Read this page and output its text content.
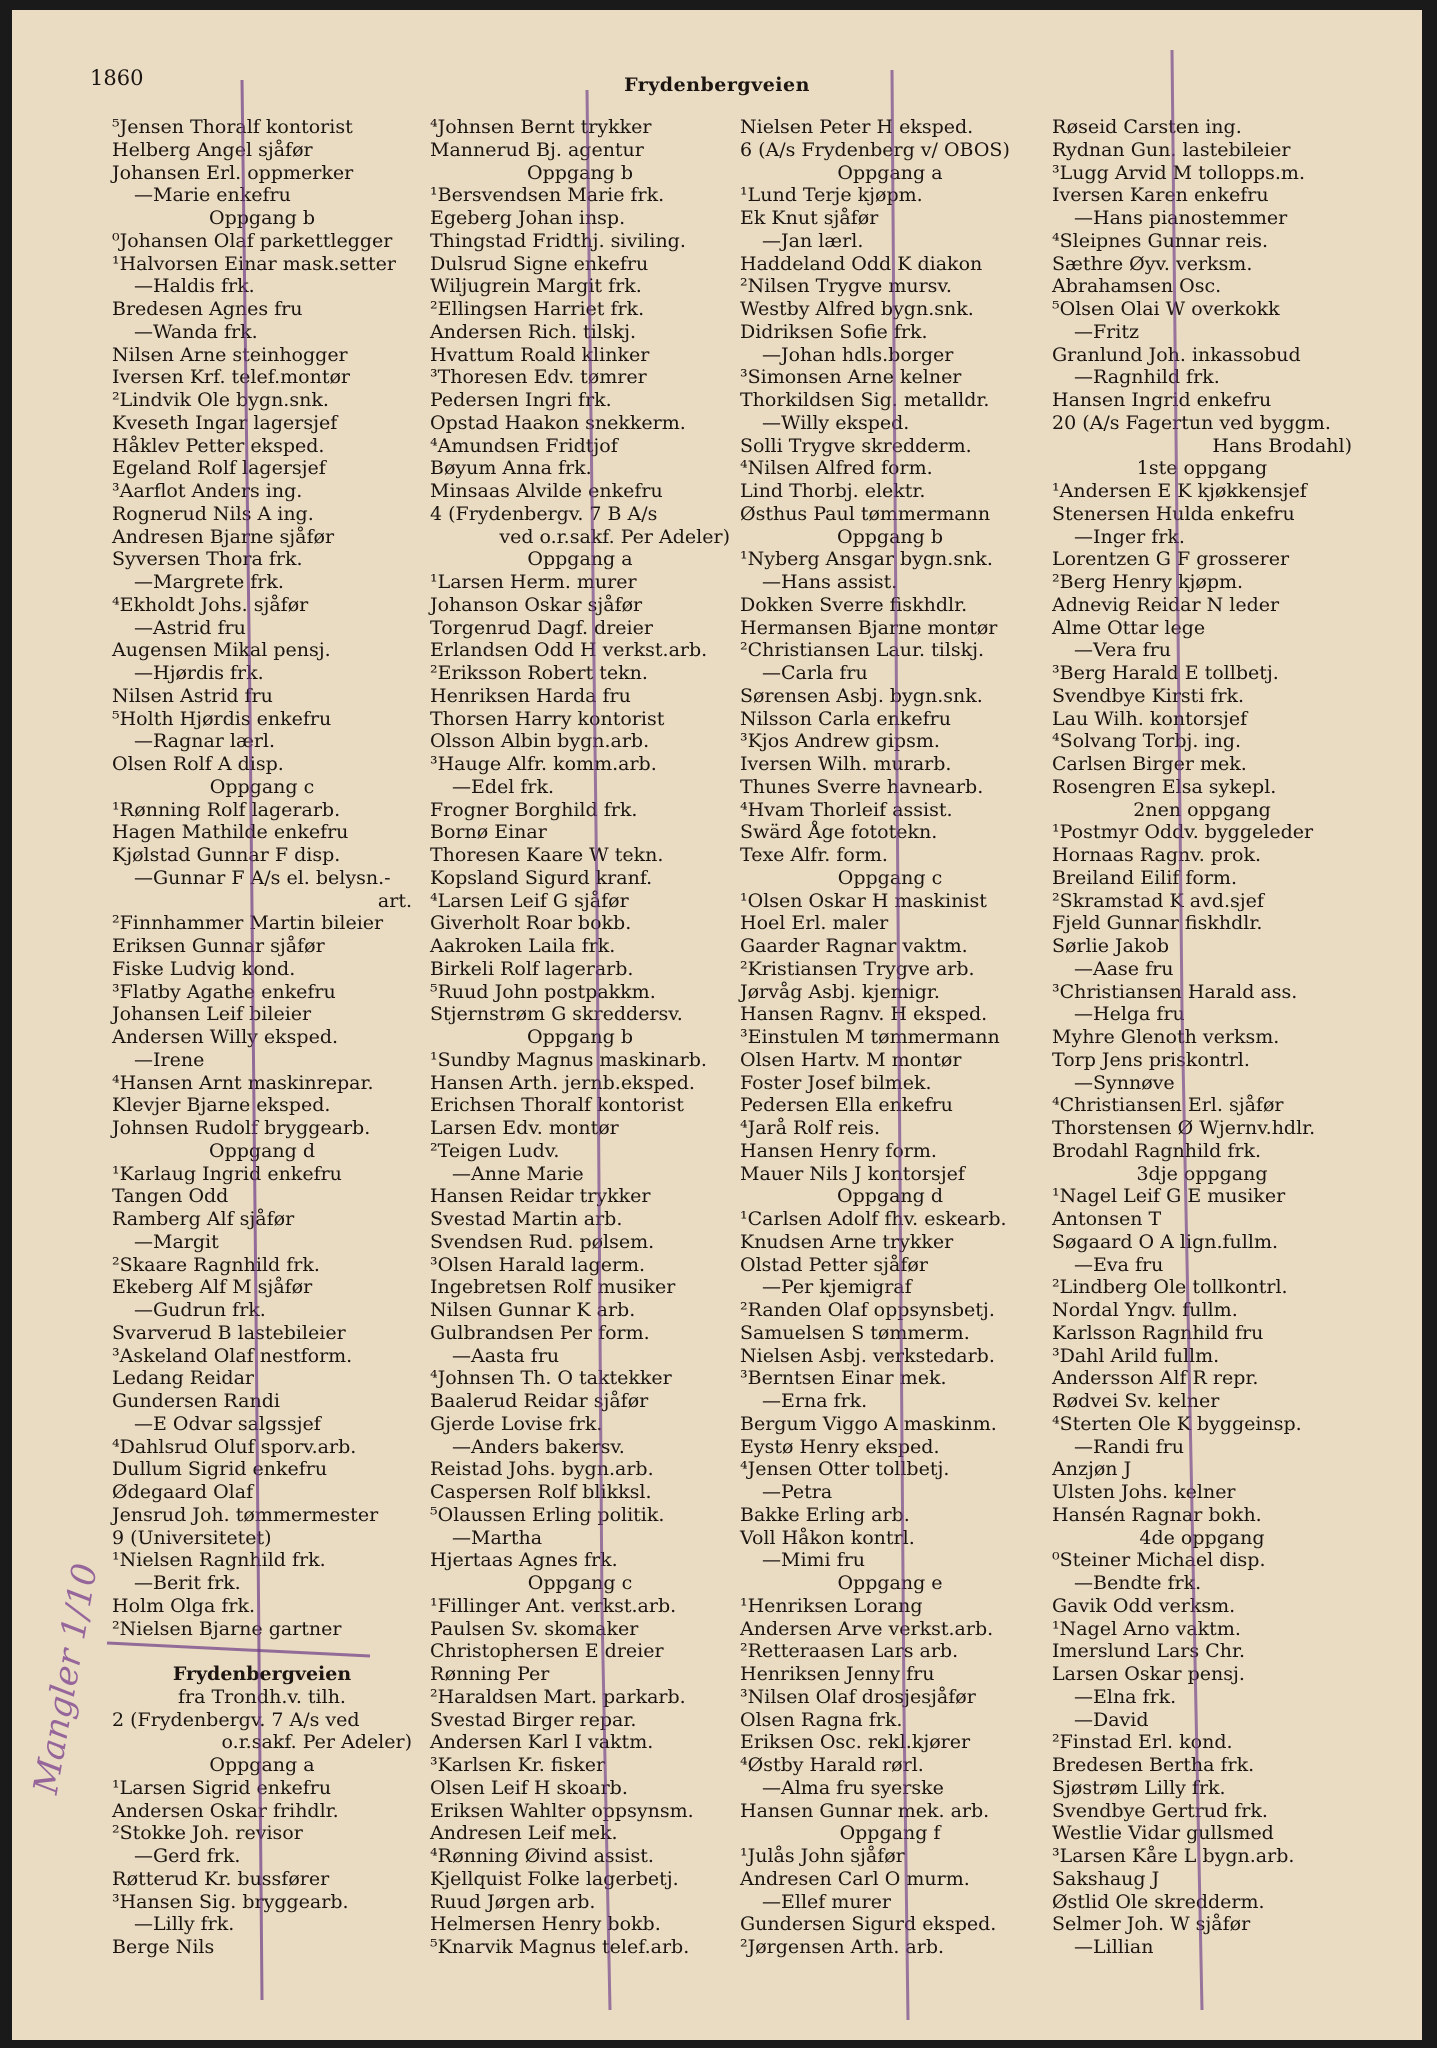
1860	Frydenbergveien
⁵Jensen Thoralf kontorist
Helberg Angel sjåfør
Johansen Erl. oppmerker
—Marie enkefru
Oppgang b
⁰Johansen Olaf parkettlegger
¹Halvorsen Einar mask.setter
—Haldis frk.
Bredesen Agnes fru
—Wanda frk.
Nilsen Arne steinhogger
Iversen Krf. telef.montør
²Lindvik Ole bygn.snk.
Kveseth Ingar lagersjef
Håklev Petter eksped.
Egeland Rolf lagersjef
³Aarflot Anders ing.
Rognerud Nils A ing.
Andresen Bjarne sjåfør
Syversen Thora frk.
—Margrete frk.
⁴Ekholdt Johs. sjåfør
—Astrid fru
Augensen Mikal pensj.
—Hjørdis frk.
Nilsen Astrid fru
⁵Holth Hjørdis enkefru
—Ragnar lærl.
Olsen Rolf A disp.
Oppgang c
¹Rønning Rolf lagerarb.
Hagen Mathilde enkefru
Kjølstad Gunnar F disp.
—Gunnar F A/s el. belysn.-
art.
²Finnhammer Martin bileier
Eriksen Gunnar sjåfør
Fiske Ludvig kond.
³Flatby Agathe enkefru
Johansen Leif bileier
Andersen Willy eksped.
—Irene
⁴Hansen Arnt maskinrepar.
Klevjer Bjarne eksped.
Johnsen Rudolf bryggearb.
Oppgang d
¹Karlaug Ingrid enkefru
Tangen Odd
Ramberg Alf sjåfør
—Margit
²Skaare Ragnhild frk.
Ekeberg Alf M sjåfør
—Gudrun frk.
Svarverud B lastebileier
³Askeland Olaf nestform.
Ledang Reidar
Gundersen Randi
—E Odvar salgssjef
⁴Dahlsrud Oluf sporv.arb.
Dullum Sigrid enkefru
Ødegaard Olaf
Jensrud Joh. tømmermester
9 (Universitetet)
¹Nielsen Ragnhild frk.
—Berit frk.
Holm Olga frk.
²Nielsen Bjarne gartner
Frydenbergveien
fra Trondh.v. tilh.
2 (Frydenbergv. 7 A/s ved
o.r.sakf. Per Adeler)
Oppgang a
¹Larsen Sigrid enkefru
Andersen Oskar frihdlr.
²Stokke Joh. revisor
—Gerd frk.
Røtterud Kr. bussfører
³Hansen Sig. bryggearb.
—Lilly frk.
Berge Nils
⁴Johnsen Bernt trykker
Mannerud Bj. agentur
Oppgang b
¹Bersvendsen Marie frk.
Egeberg Johan insp.
Thingstad Fridthj. siviling.
Dulsrud Signe enkefru
Wiljugrein Margit frk.
²Ellingsen Harriet frk.
Andersen Rich. tilskj.
Hvattum Roald klinker
³Thoresen Edv. tømrer
Pedersen Ingri frk.
Opstad Haakon snekkerm.
⁴Amundsen Fridtjof
Bøyum Anna frk.
Minsaas Alvilde enkefru
4 (Frydenbergv. 7 B A/s
ved o.r.sakf. Per Adeler)
Oppgang a
¹Larsen Herm. murer
Johanson Oskar sjåfør
Torgenrud Dagf. dreier
Erlandsen Odd H verkst.arb.
²Eriksson Robert tekn.
Henriksen Harda fru
Thorsen Harry kontorist
Olsson Albin bygn.arb.
³Hauge Alfr. komm.arb.
—Edel frk.
Frogner Borghild frk.
Bornø Einar
Thoresen Kaare W tekn.
Kopsland Sigurd kranf.
⁴Larsen Leif G sjåfør
Giverholt Roar bokb.
Aakroken Laila frk.
Birkeli Rolf lagerarb.
⁵Ruud John postpakkm.
Stjernstrøm G skreddersv.
Oppgang b
¹Sundby Magnus maskinarb.
Hansen Arth. jernb.eksped.
Erichsen Thoralf kontorist
Larsen Edv. montør
²Teigen Ludv.
—Anne Marie
Hansen Reidar trykker
Svestad Martin arb.
Svendsen Rud. pølsem.
³Olsen Harald lagerm.
Ingebretsen Rolf musiker
Nilsen Gunnar K arb.
Gulbrandsen Per form.
—Aasta fru
⁴Johnsen Th. O taktekker
Baalerud Reidar sjåfør
Gjerde Lovise frk.
—Anders bakersv.
Reistad Johs. bygn.arb.
Caspersen Rolf blikksl.
⁵Olaussen Erling politik.
—Martha
Hjertaas Agnes frk.
Oppgang c
¹Fillinger Ant. verkst.arb.
Paulsen Sv. skomaker
Christophersen E dreier
Rønning Per
²Haraldsen Mart. parkarb.
Svestad Birger repar.
Andersen Karl I vaktm.
³Karlsen Kr. fisker
Olsen Leif H skoarb.
Eriksen Wahlter oppsynsm.
Andresen Leif mek.
⁴Rønning Øivind assist.
Kjellquist Folke lagerbetj.
Ruud Jørgen arb.
Helmersen Henry bokb.
⁵Knarvik Magnus telef.arb.
Nielsen Peter H eksped.
6 (A/s Frydenberg v/ OBOS)
Oppgang a
¹Lund Terje kjøpm.
Ek Knut sjåfør
—Jan lærl.
Haddeland Odd K diakon
²Nilsen Trygve mursv.
Westby Alfred bygn.snk.
Didriksen Sofie frk.
—Johan hdls.borger
³Simonsen Arne kelner
Thorkildsen Sig. metalldr.
—Willy eksped.
Solli Trygve skredderm.
⁴Nilsen Alfred form.
Lind Thorbj. elektr.
Østhus Paul tømmermann
Oppgang b
¹Nyberg Ansgar bygn.snk.
—Hans assist.
Dokken Sverre fiskhdlr.
Hermansen Bjarne montør
²Christiansen Laur. tilskj.
—Carla fru
Sørensen Asbj. bygn.snk.
Nilsson Carla enkefru
³Kjos Andrew gipsm.
Iversen Wilh. murarb.
Thunes Sverre havnearb.
⁴Hvam Thorleif assist.
Swärd Åge fototekn.
Texe Alfr. form.
Oppgang c
¹Olsen Oskar H maskinist
Hoel Erl. maler
Gaarder Ragnar vaktm.
²Kristiansen Trygve arb.
Jørvåg Asbj. kjemigr.
Hansen Ragnv. H eksped.
³Einstulen M tømmermann
Olsen Hartv. M montør
Foster Josef bilmek.
Pedersen Ella enkefru
⁴Jarå Rolf reis.
Hansen Henry form.
Mauer Nils J kontorsjef
Oppgang d
¹Carlsen Adolf fhv. eskearb.
Knudsen Arne trykker
Olstad Petter sjåfør
—Per kjemigraf
²Randen Olaf oppsynsbetj.
Samuelsen S tømmerm.
Nielsen Asbj. verkstedarb.
³Berntsen Einar mek.
—Erna frk.
Bergum Viggo A maskinm.
Eystø Henry eksped.
⁴Jensen Otter tollbetj.
—Petra
Bakke Erling arb.
Voll Håkon kontrl.
—Mimi fru
Oppgang e
¹Henriksen Lorang
Andersen Arve verkst.arb.
²Retteraasen Lars arb.
Henriksen Jenny fru
³Nilsen Olaf drosjesjåfør
Olsen Ragna frk.
Eriksen Osc. rekl.kjører
⁴Østby Harald rørl.
—Alma fru syerske
Hansen Gunnar mek. arb.
Oppgang f
¹Julås John sjåfør
Andresen Carl O murm.
—Ellef murer
Gundersen Sigurd eksped.
²Jørgensen Arth. arb.
Røseid Carsten ing.
Rydnan Gun. lastebileier
³Lugg Arvid M tollopps.m.
Iversen Karen enkefru
—Hans pianostemmer
⁴Sleipnes Gunnar reis.
Sæthre Øyv. verksm.
Abrahamsen Osc.
⁵Olsen Olai W overkokk
—Fritz
Granlund Joh. inkassobud
—Ragnhild frk.
Hansen Ingrid enkefru
20 (A/s Fagertun ved byggm.
Hans Brodahl)
1ste oppgang
¹Andersen E K kjøkkensjef
Stenersen Hulda enkefru
—Inger frk.
Lorentzen G F grosserer
²Berg Henry kjøpm.
Adnevig Reidar N leder
Alme Ottar lege
—Vera fru
³Berg Harald E tollbetj.
Svendbye Kirsti frk.
Lau Wilh. kontorsjef
⁴Solvang Torbj. ing.
Carlsen Birger mek.
Rosengren Elsa sykepl.
2nen oppgang
¹Postmyr Oddv. byggeleder
Hornaas Ragnv. prok.
Breiland Eilif form.
²Skramstad K avd.sjef
Fjeld Gunnar fiskhdlr.
Sørlie Jakob
—Aase fru
³Christiansen Harald ass.
—Helga fru
Myhre Glenoth verksm.
Torp Jens priskontrl.
—Synnøve
⁴Christiansen Erl. sjåfør
Thorstensen Ø Wjernv.hdlr.
Brodahl Ragnhild frk.
3dje oppgang
¹Nagel Leif G E musiker
Antonsen T
Søgaard O A lign.fullm.
—Eva fru
²Lindberg Ole tollkontrl.
Nordal Yngv. fullm.
Karlsson Ragnhild fru
³Dahl Arild fullm.
Andersson Alf R repr.
Rødvei Sv. kelner
⁴Sterten Ole K byggeinsp.
—Randi fru
Anzjøn J
Ulsten Johs. kelner
Hansén Ragnar bokh.
4de oppgang
⁰Steiner Michael disp.
—Bendte frk.
Gavik Odd verksm.
¹Nagel Arno vaktm.
Imerslund Lars Chr.
Larsen Oskar pensj.
—Elna frk.
—David
²Finstad Erl. kond.
Bredesen Bertha frk.
Sjøstrøm Lilly frk.
Svendbye Gertrud frk.
Westlie Vidar gullsmed
³Larsen Kåre L bygn.arb.
Sakshaug J
Østlid Ole skredderm.
Selmer Joh. W sjåfør
—Lillian
Mangler 1/10
